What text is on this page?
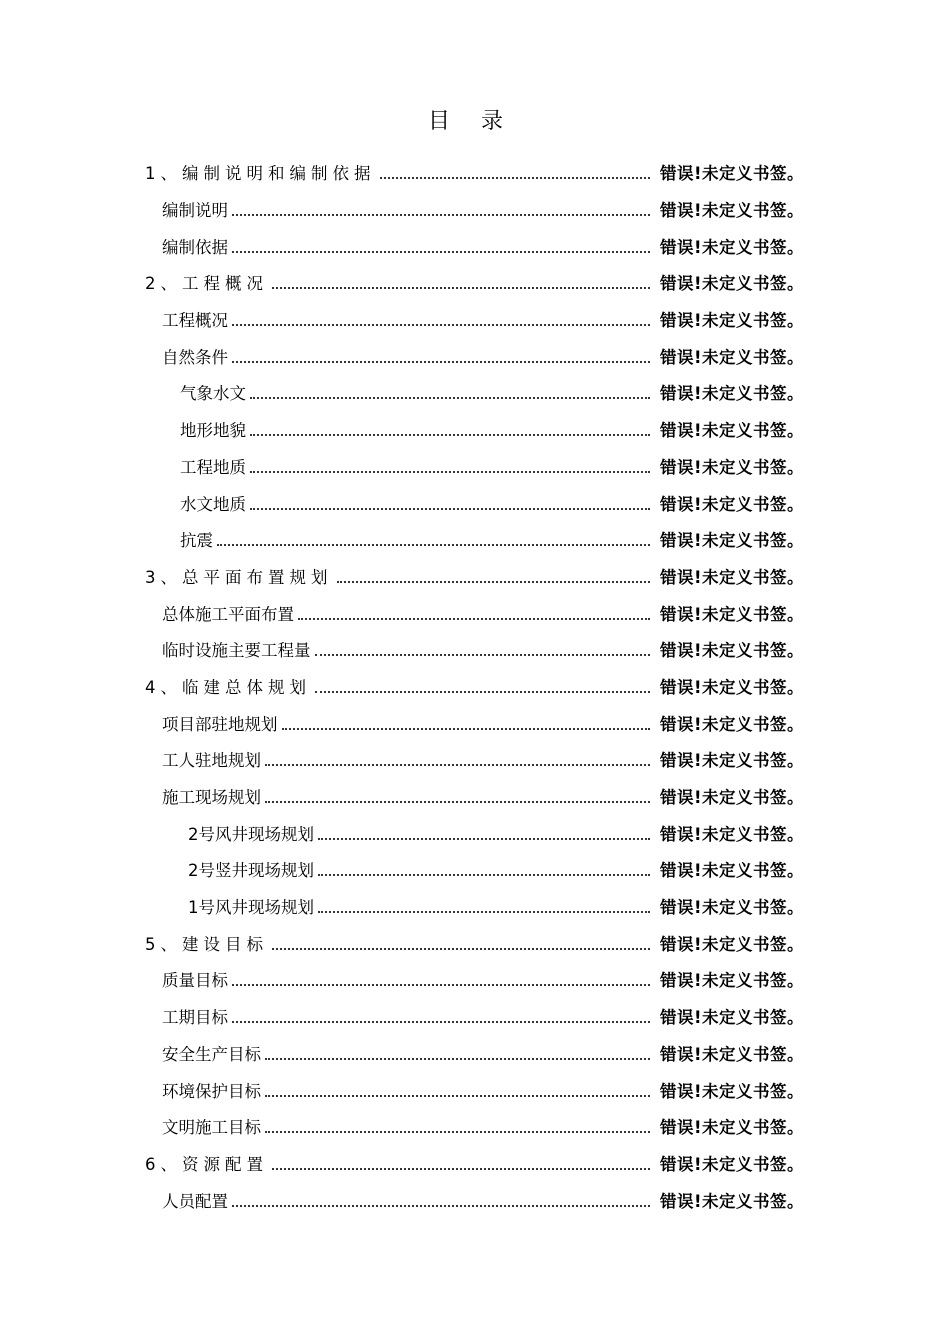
目 录
1、编制说明和编制依据	错误!未定义书签。
编制说明	错误!未定义书签。
编制依据	错误!未定义书签。
2、工程概况	错误!未定义书签。
工程概况	错误!未定义书签。
自然条件	错误!未定义书签。
气象水文	错误!未定义书签。
地形地貌	错误!未定义书签。
工程地质	错误!未定义书签。
水文地质	错误!未定义书签。
抗震	错误!未定义书签。
3、总平面布置规划	错误!未定义书签。
总体施工平面布置	错误!未定义书签。
临时设施主要工程量	错误!未定义书签。
4、临建总体规划	错误!未定义书签。
项目部驻地规划	错误!未定义书签。
工人驻地规划	错误!未定义书签。
施工现场规划	错误!未定义书签。
2号风井现场规划	错误!未定义书签。
2号竖井现场规划	错误!未定义书签。
1号风井现场规划	错误!未定义书签。
5、建设目标	错误!未定义书签。
质量目标	错误!未定义书签。
工期目标	错误!未定义书签。
安全生产目标	错误!未定义书签。
环境保护目标	错误!未定义书签。
文明施工目标	错误!未定义书签。
6、资源配置	错误!未定义书签。
人员配置	错误!未定义书签。
